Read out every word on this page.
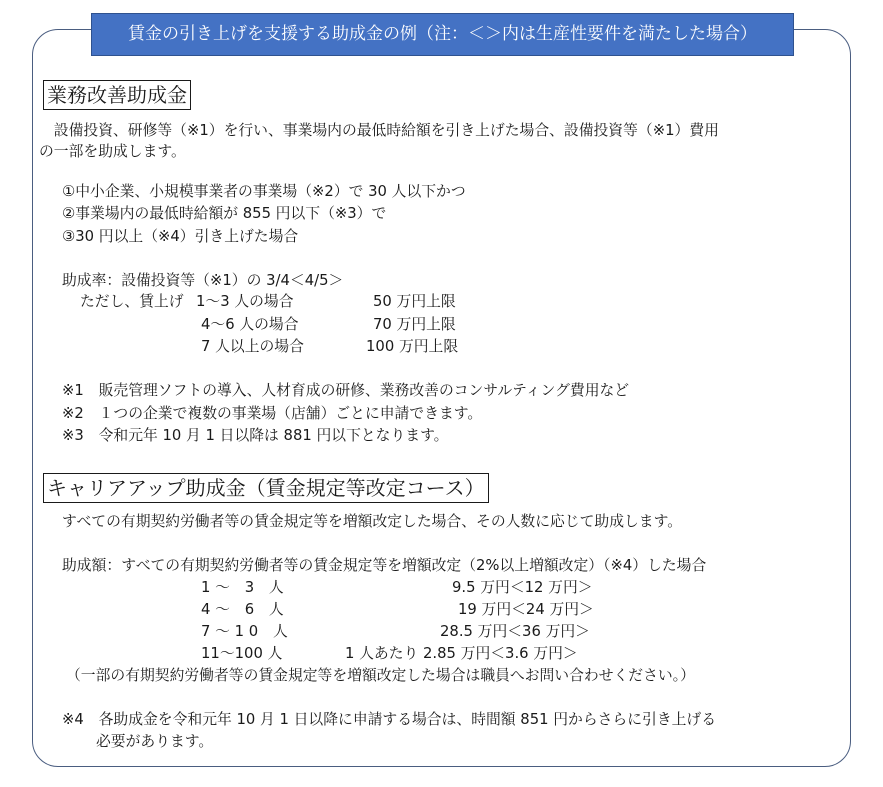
賃金の引き上げを支援する助成金の例（注：＜＞内は生産性要件を満たした場合）
業務改善助成金
　設備投資、研修等（※1）を行い、事業場内の最低時給額を引き上げた場合、設備投資等（※1）費用
の一部を助成します。
①中小企業、小規模事業者の事業場（※2）で 30 人以下かつ
②事業場内の最低時給額が 855 円以下（※3）で
③30 円以上（※4）引き上げた場合
助成率：設備投資等（※1）の 3/4＜4/5＞
ただし、賃上げ 1～3 人の場合	50 万円上限
4～6 人の場合	70 万円上限
7 人以上の場合	100 万円上限
※1　販売管理ソフトの導入、人材育成の研修、業務改善のコンサルティング費用など
※2　１つの企業で複数の事業場（店舗）ごとに申請できます。
※3　令和元年 10 月 1 日以降は 881 円以下となります。
キャリアアップ助成金（賃金規定等改定コース）
すべての有期契約労働者等の賃金規定等を増額改定した場合、その人数に応じて助成します。
助成額：すべての有期契約労働者等の賃金規定等を増額改定（2%以上増額改定）（※4）した場合
1 ～　3　人	9.5 万円＜12 万円＞
4 ～　6　人	19 万円＜24 万円＞
7 ～ 1 0　人	28.5 万円＜36 万円＞
11～100 人	1 人あたり 2.85 万円＜3.6 万円＞
（一部の有期契約労働者等の賃金規定等を増額改定した場合は職員へお問い合わせください。）
※4　各助成金を令和元年 10 月 1 日以降に申請する場合は、時間額 851 円からさらに引き上げる
必要があります。
